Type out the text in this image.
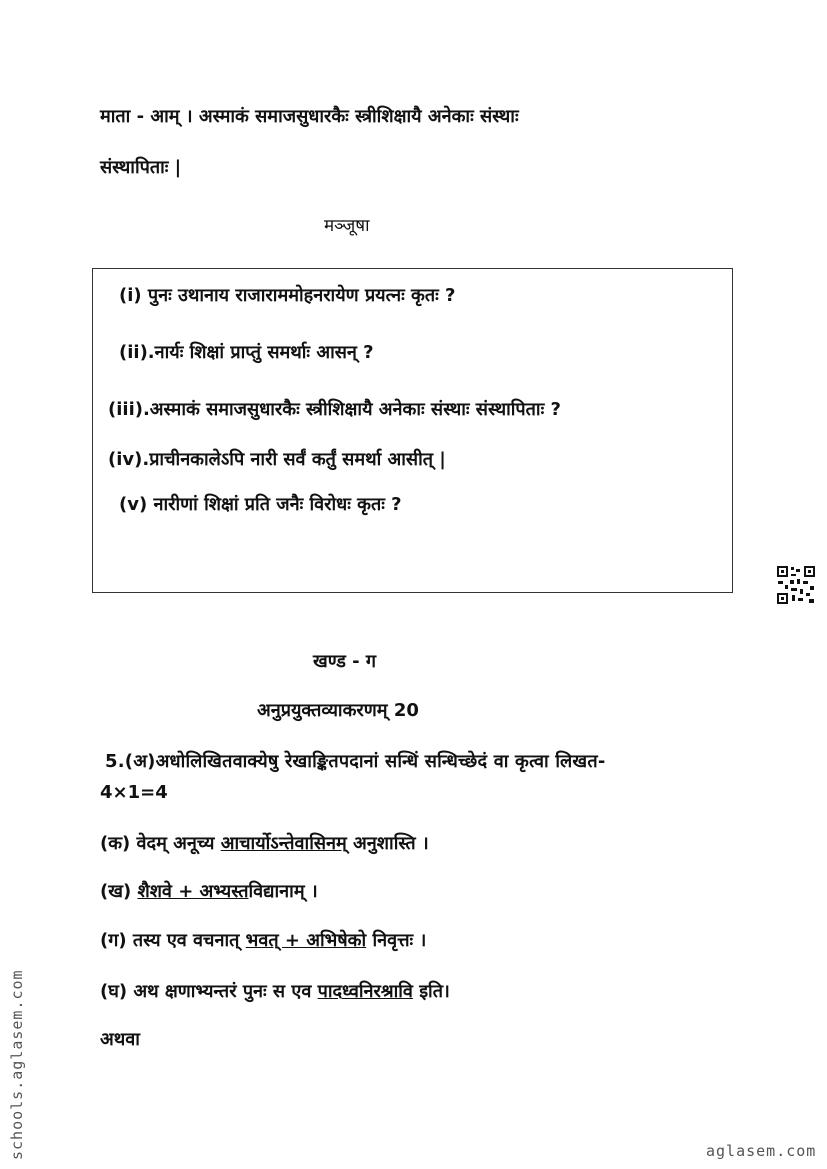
माता - आम् । अस्माकं समाजसुधारकैः स्त्रीशिक्षायै अनेकाः संस्थाः
संस्थापिताः |
मञ्जूषा
(i) पुनः उथानाय राजाराममोहनरायेण प्रयत्नः कृतः ?
(ii).नार्यः शिक्षां प्राप्तुं समर्थाः आसन् ?
(iii).अस्माकं समाजसुधारकैः स्त्रीशिक्षायै अनेकाः संस्थाः संस्थापिताः ?
(iv).प्राचीनकालेऽपि नारी सर्वं कर्तुं समर्था आसीत् |
(v) नारीणां शिक्षां प्रति जनैः विरोधः कृतः ?
खण्ड - ग
अनुप्रयुक्तव्याकरणम् 20
5.(अ)अधोलिखितवाक्येषु रेखाङ्कितपदानां सन्धिं सन्धिच्छेदं वा कृत्वा लिखत-
4×1=4
(क) वेदम् अनूच्य आचार्योऽन्तेवासिनम् अनुशास्ति ।
(ख) शैशवे + अभ्यस्तविद्यानाम् ।
(ग) तस्य एव वचनात् भवत् + अभिषेको निवृत्तः ।
(घ) अथ क्षणाभ्यन्तरं पुनः स एव पादध्वनिरश्रावि इति।
अथवा
schools.aglasem.com	aglasem.com
